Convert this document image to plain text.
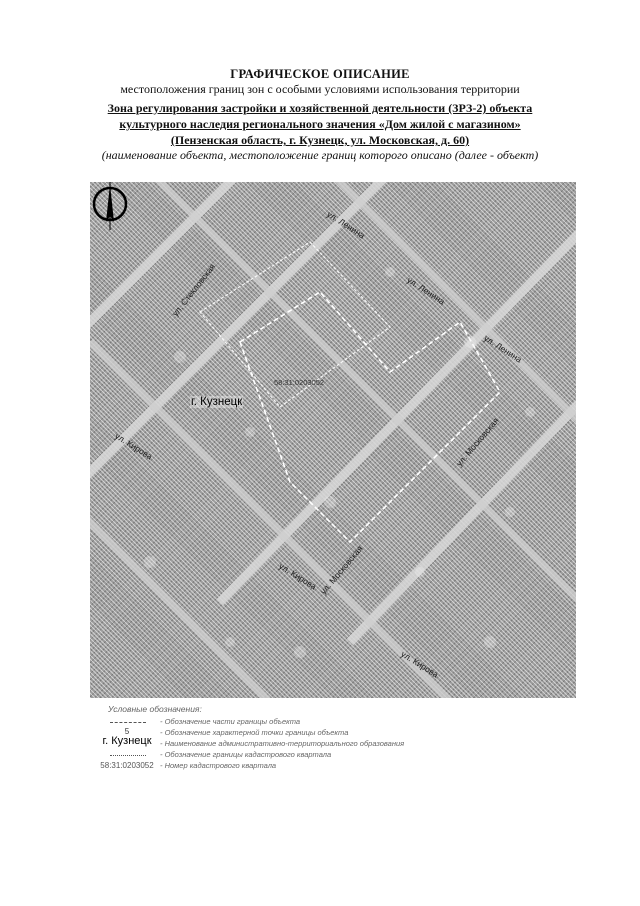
ГРАФИЧЕСКОЕ ОПИСАНИЕ
местоположения границ зон с особыми условиями использования территории
Зона регулирования застройки и хозяйственной деятельности (ЗРЗ-2) объекта
культурного наследия регионального значения «Дом жилой с магазином»
(Пензенская область, г. Кузнецк, ул. Московская, д. 60)
(наименование объекта, местоположение границ которого описано (далее - объект)
ул. Ленина
ул. Ленина
ул. Ленина
ул. Стекловская
ул. Кирова
ул. Кирова
ул. Кирова
ул. Московская
ул. Московская
г. Кузнецк
58:31:0203052
Условные обозначения:
- Обозначение части границы объекта
5	- Обозначение характерной точки границы объекта
г. Кузнецк	- Наименование административно-территориального образования
- Обозначение границы кадастрового квартала
58:31:0203052 - Номер кадастрового квартала
